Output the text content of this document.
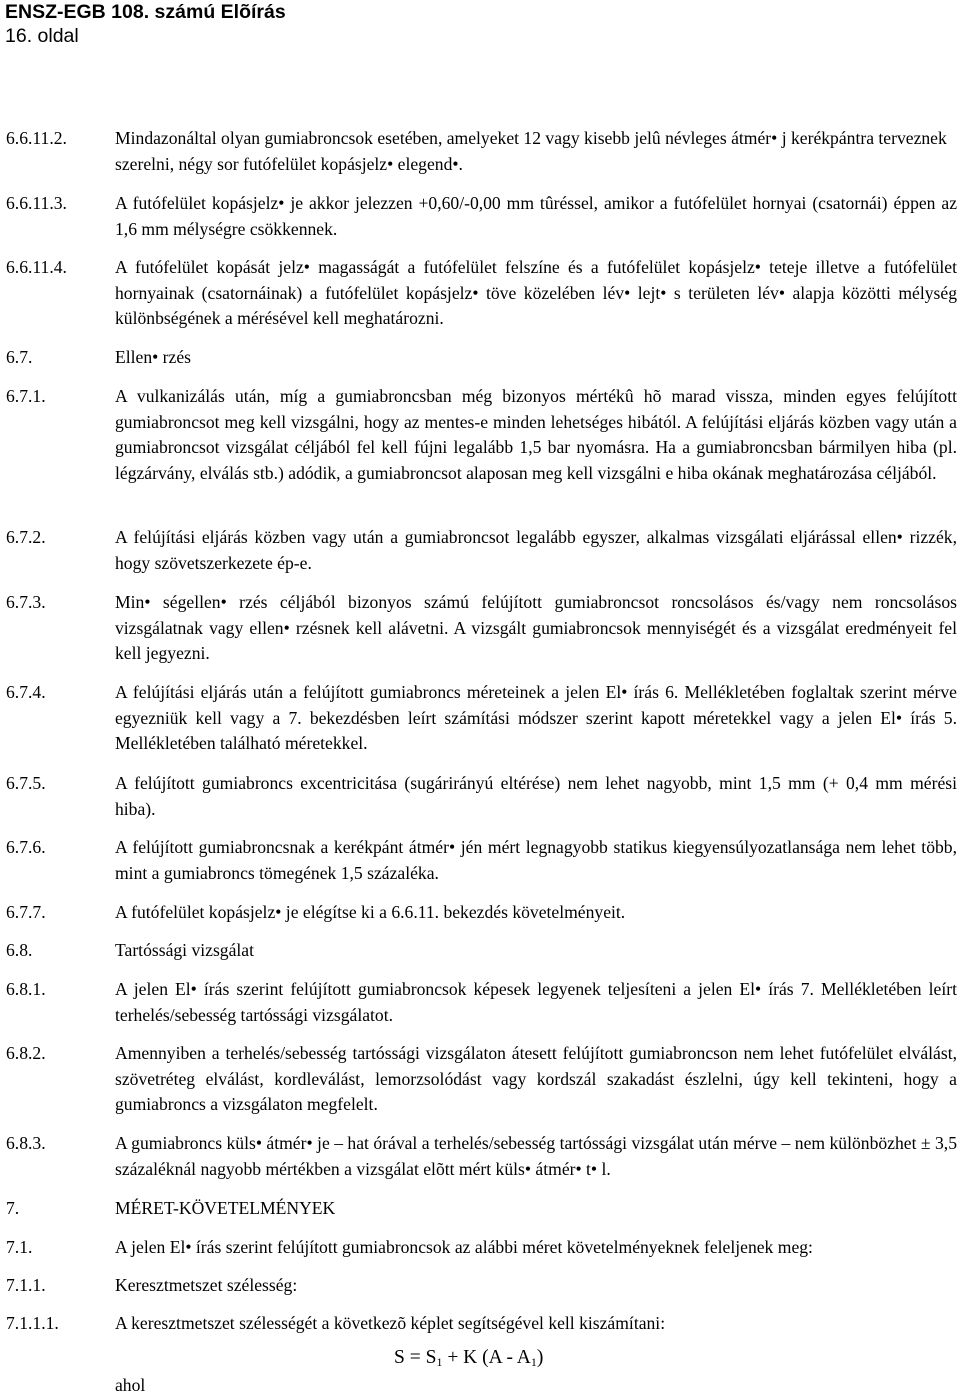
ENSZ-EGB 108. számú Elõírás
16. oldal
6.6.11.2.	Mindazonáltal olyan gumiabroncsok esetében, amelyeket 12 vagy kisebb jelû névleges átmér• j kerékpántra terveznek szerelni, négy sor futófelület kopásjelz• elegend•.
6.6.11.3.	A futófelület kopásjelz• je akkor jelezzen +0,60/-0,00 mm tûréssel, amikor a futófelület hornyai (csatornái) éppen az 1,6 mm mélységre csökkennek.
6.6.11.4.	A futófelület kopását jelz• magasságát a futófelület felszíne és a futófelület kopásjelz• teteje illetve a futófelület hornyainak (csatornáinak) a futófelület kopásjelz• töve közelében lév• lejt• s területen lév• alapja közötti mélység különbségének a mérésével kell meghatározni.
6.7.	Ellen• rzés
6.7.1.	A vulkanizálás után, míg a gumiabroncsban még bizonyos mértékû hõ marad vissza, minden egyes felújított gumiabroncsot meg kell vizsgálni, hogy az mentes-e minden lehetséges hibától. A felújítási eljárás közben vagy után a gumiabroncsot vizsgálat céljából fel kell fújni legalább 1,5 bar nyomásra. Ha a gumiabroncsban bármilyen hiba (pl. légzárvány, elválás stb.) adódik, a gumiabroncsot alaposan meg kell vizsgálni e hiba okának meghatározása céljából.
6.7.2.	A felújítási eljárás közben vagy után a gumiabroncsot legalább egyszer, alkalmas vizsgálati eljárással ellen• rizzék, hogy szövetszerkezete ép-e.
6.7.3.	Min• ségellen• rzés céljából bizonyos számú felújított gumiabroncsot roncsolásos és/vagy nem roncsolásos vizsgálatnak vagy ellen• rzésnek kell alávetni. A vizsgált gumiabroncsok mennyiségét és a vizsgálat eredményeit fel kell jegyezni.
6.7.4.	A felújítási eljárás után a felújított gumiabroncs méreteinek a jelen El• írás 6. Mellékletében foglaltak szerint mérve egyezniük kell vagy a 7. bekezdésben leírt számítási módszer szerint kapott méretekkel vagy a jelen El• írás 5. Mellékletében található méretekkel.
6.7.5.	A felújított gumiabroncs excentricitása (sugárirányú eltérése) nem lehet nagyobb, mint 1,5 mm (+ 0,4 mm mérési hiba).
6.7.6.	A felújított gumiabroncsnak a kerékpánt átmér• jén mért legnagyobb statikus kiegyensúlyozatlansága nem lehet több, mint a gumiabroncs tömegének 1,5 százaléka.
6.7.7.	A futófelület kopásjelz• je elégítse ki a 6.6.11. bekezdés követelményeit.
6.8.	Tartóssági vizsgálat
6.8.1.	A jelen El• írás szerint felújított gumiabroncsok képesek legyenek teljesíteni a jelen El• írás 7. Mellékletében leírt terhelés/sebesség tartóssági vizsgálatot.
6.8.2.	Amennyiben a terhelés/sebesség tartóssági vizsgálaton átesett felújított gumiabroncson nem lehet futófelület elválást, szövetréteg elválást, kordleválást, lemorzsolódást vagy kordszál szakadást észlelni, úgy kell tekinteni, hogy a gumiabroncs a vizsgálaton megfelelt.
6.8.3.	A gumiabroncs küls• átmér• je – hat órával a terhelés/sebesség tartóssági vizsgálat után mérve – nem különbözhet ± 3,5 százaléknál nagyobb mértékben a vizsgálat elõtt mért küls• átmér• t• l.
7.	MÉRET-KÖVETELMÉNYEK
7.1.	A jelen El• írás szerint felújított gumiabroncsok az alábbi méret követelményeknek feleljenek meg:
7.1.1.	Keresztmetszet szélesség:
7.1.1.1.	A keresztmetszet szélességét a következõ képlet segítségével kell kiszámítani:
$S = S_1 + K$ $(A - A_1)$
ahol
